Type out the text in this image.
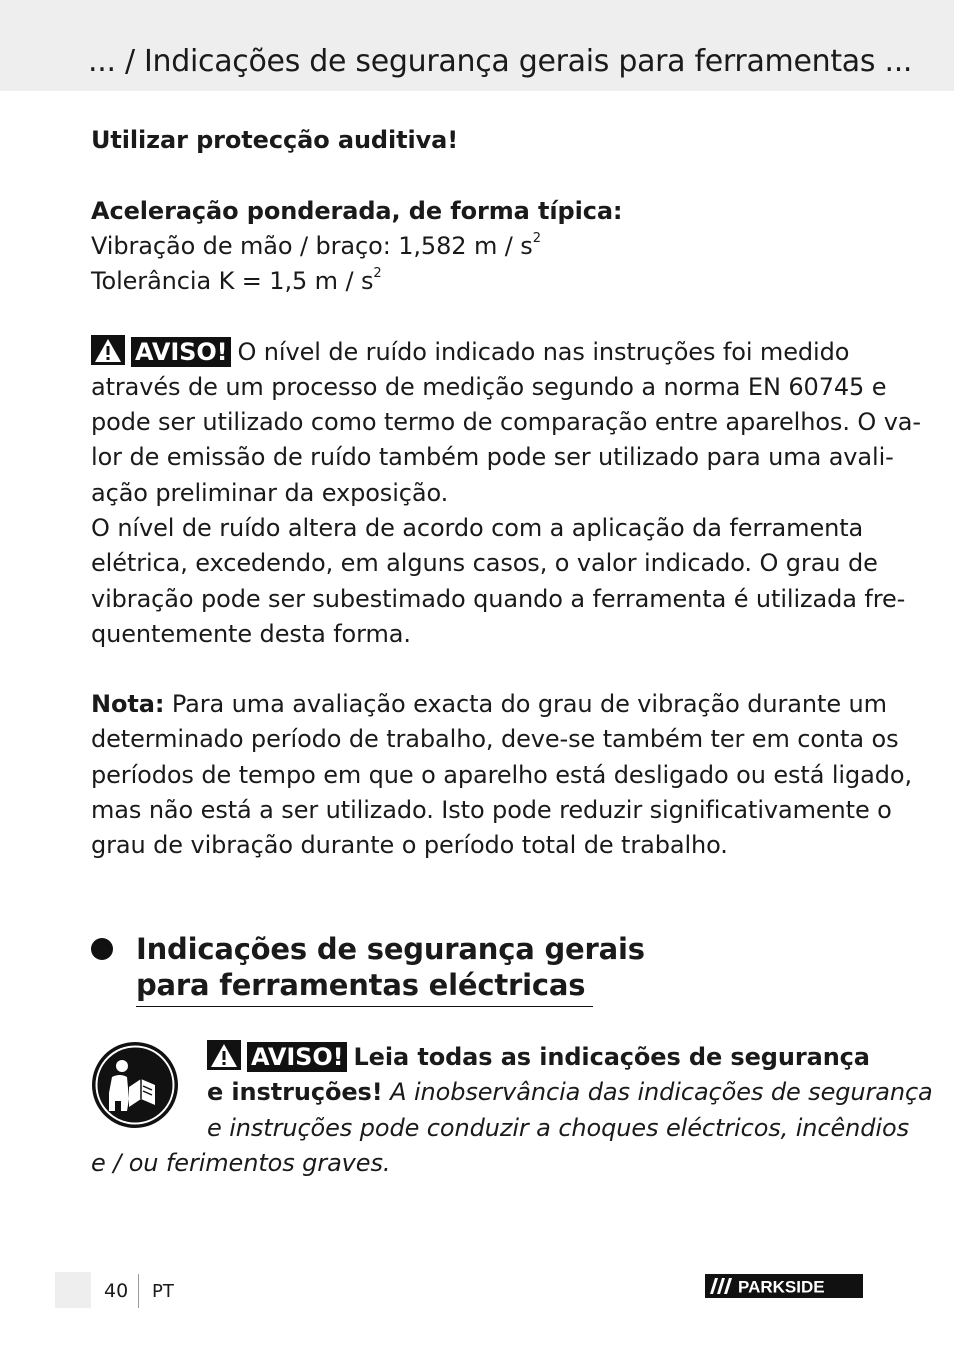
... / Indicações de segurança gerais para ferramentas ...
Utilizar protecção auditiva!
Aceleração ponderada, de forma típica:
Vibração de mão / braço: 1,582 m / $s^2$
Tolerância K = 1,5 m / $s^2$
AVISO! O nível de ruído indicado nas instruções foi medido
através de um processo de medição segundo a norma EN 60745 e
pode ser utilizado como termo de comparação entre aparelhos. O va-
lor de emissão de ruído também pode ser utilizado para uma avali-
ação preliminar da exposição.
O nível de ruído altera de acordo com a aplicação da ferramenta
elétrica, excedendo, em alguns casos, o valor indicado. O grau de
vibração pode ser subestimado quando a ferramenta é utilizada fre-
quentemente desta forma.
Nota: Para uma avaliação exacta do grau de vibração durante um
determinado período de trabalho, deve-se também ter em conta os
períodos de tempo em que o aparelho está desligado ou está ligado,
mas não está a ser utilizado. Isto pode reduzir significativamente o
grau de vibração durante o período total de trabalho.
Indicações de segurança gerais
para ferramentas eléctricas
AVISO! Leia todas as indicações de segurança
e instruções! A inobservância das indicações de segurança
e instruções pode conduzir a choques eléctricos, incêndios
e / ou ferimentos graves.
40 PT	PARKSIDE
